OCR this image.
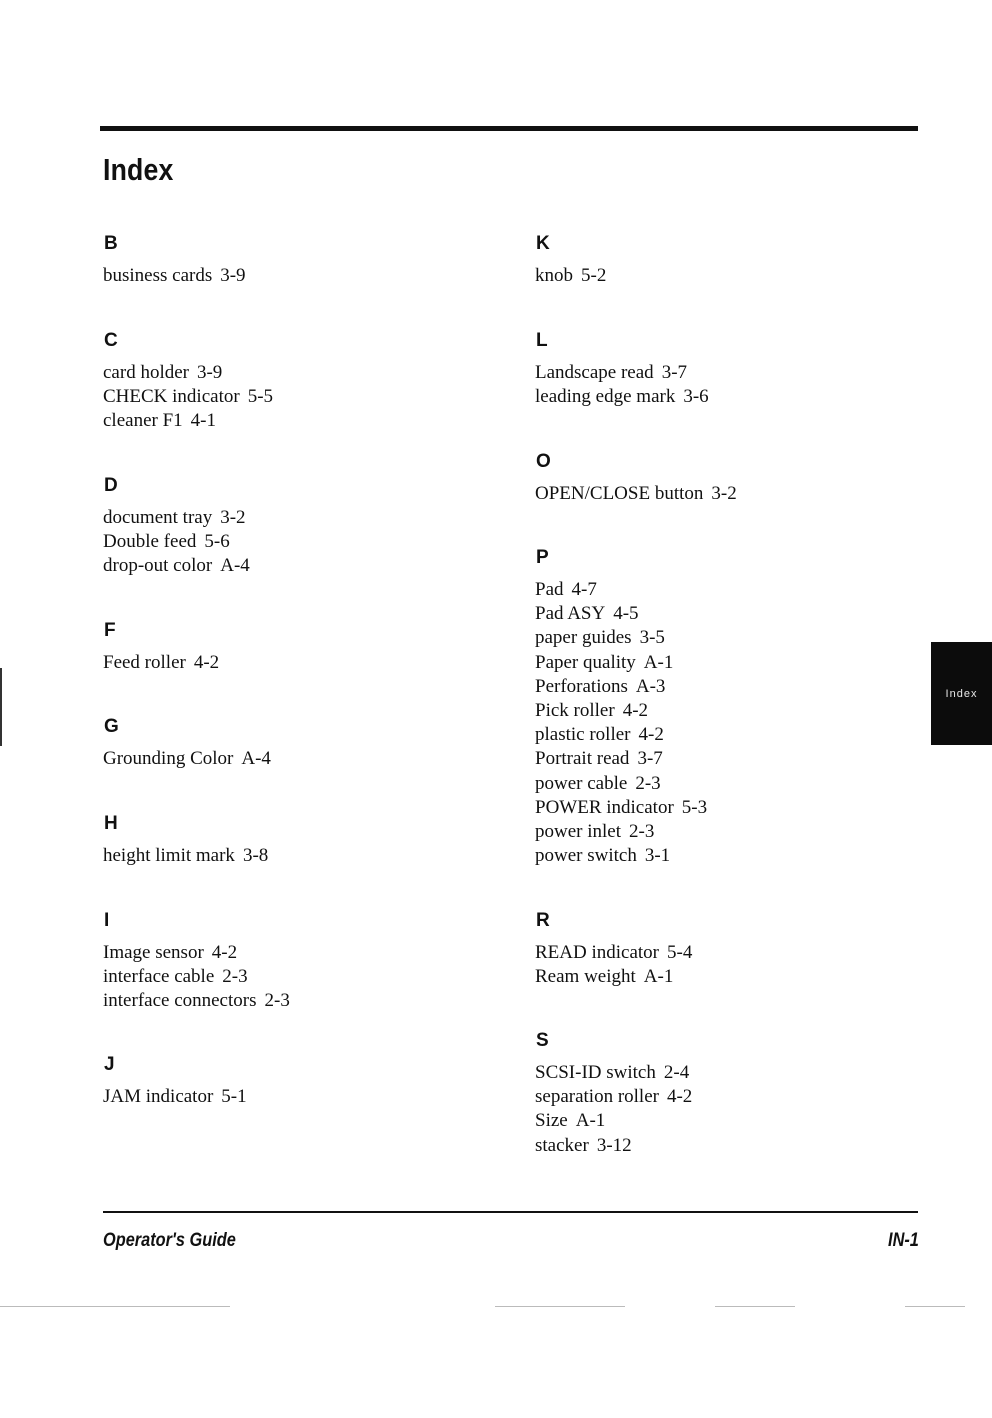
Index
B
business cards 3-9
C
card holder 3-9
CHECK indicator 5-5
cleaner F1 4-1
D
document tray 3-2
Double feed 5-6
drop-out color A-4
F
Feed roller 4-2
G
Grounding Color A-4
H
height limit mark 3-8
I
Image sensor 4-2
interface cable 2-3
interface connectors 2-3
J
JAM indicator 5-1
K
knob 5-2
L
Landscape read 3-7
leading edge mark 3-6
O
OPEN/CLOSE button 3-2
P
Pad 4-7
Pad ASY 4-5
paper guides 3-5
Paper quality A-1
Perforations A-3
Pick roller 4-2
plastic roller 4-2
Portrait read 3-7
power cable 2-3
POWER indicator 5-3
power inlet 2-3
power switch 3-1
R
READ indicator 5-4
Ream weight A-1
S
SCSI-ID switch 2-4
separation roller 4-2
Size A-1
stacker 3-12
Index
Operator's Guide	IN-1
